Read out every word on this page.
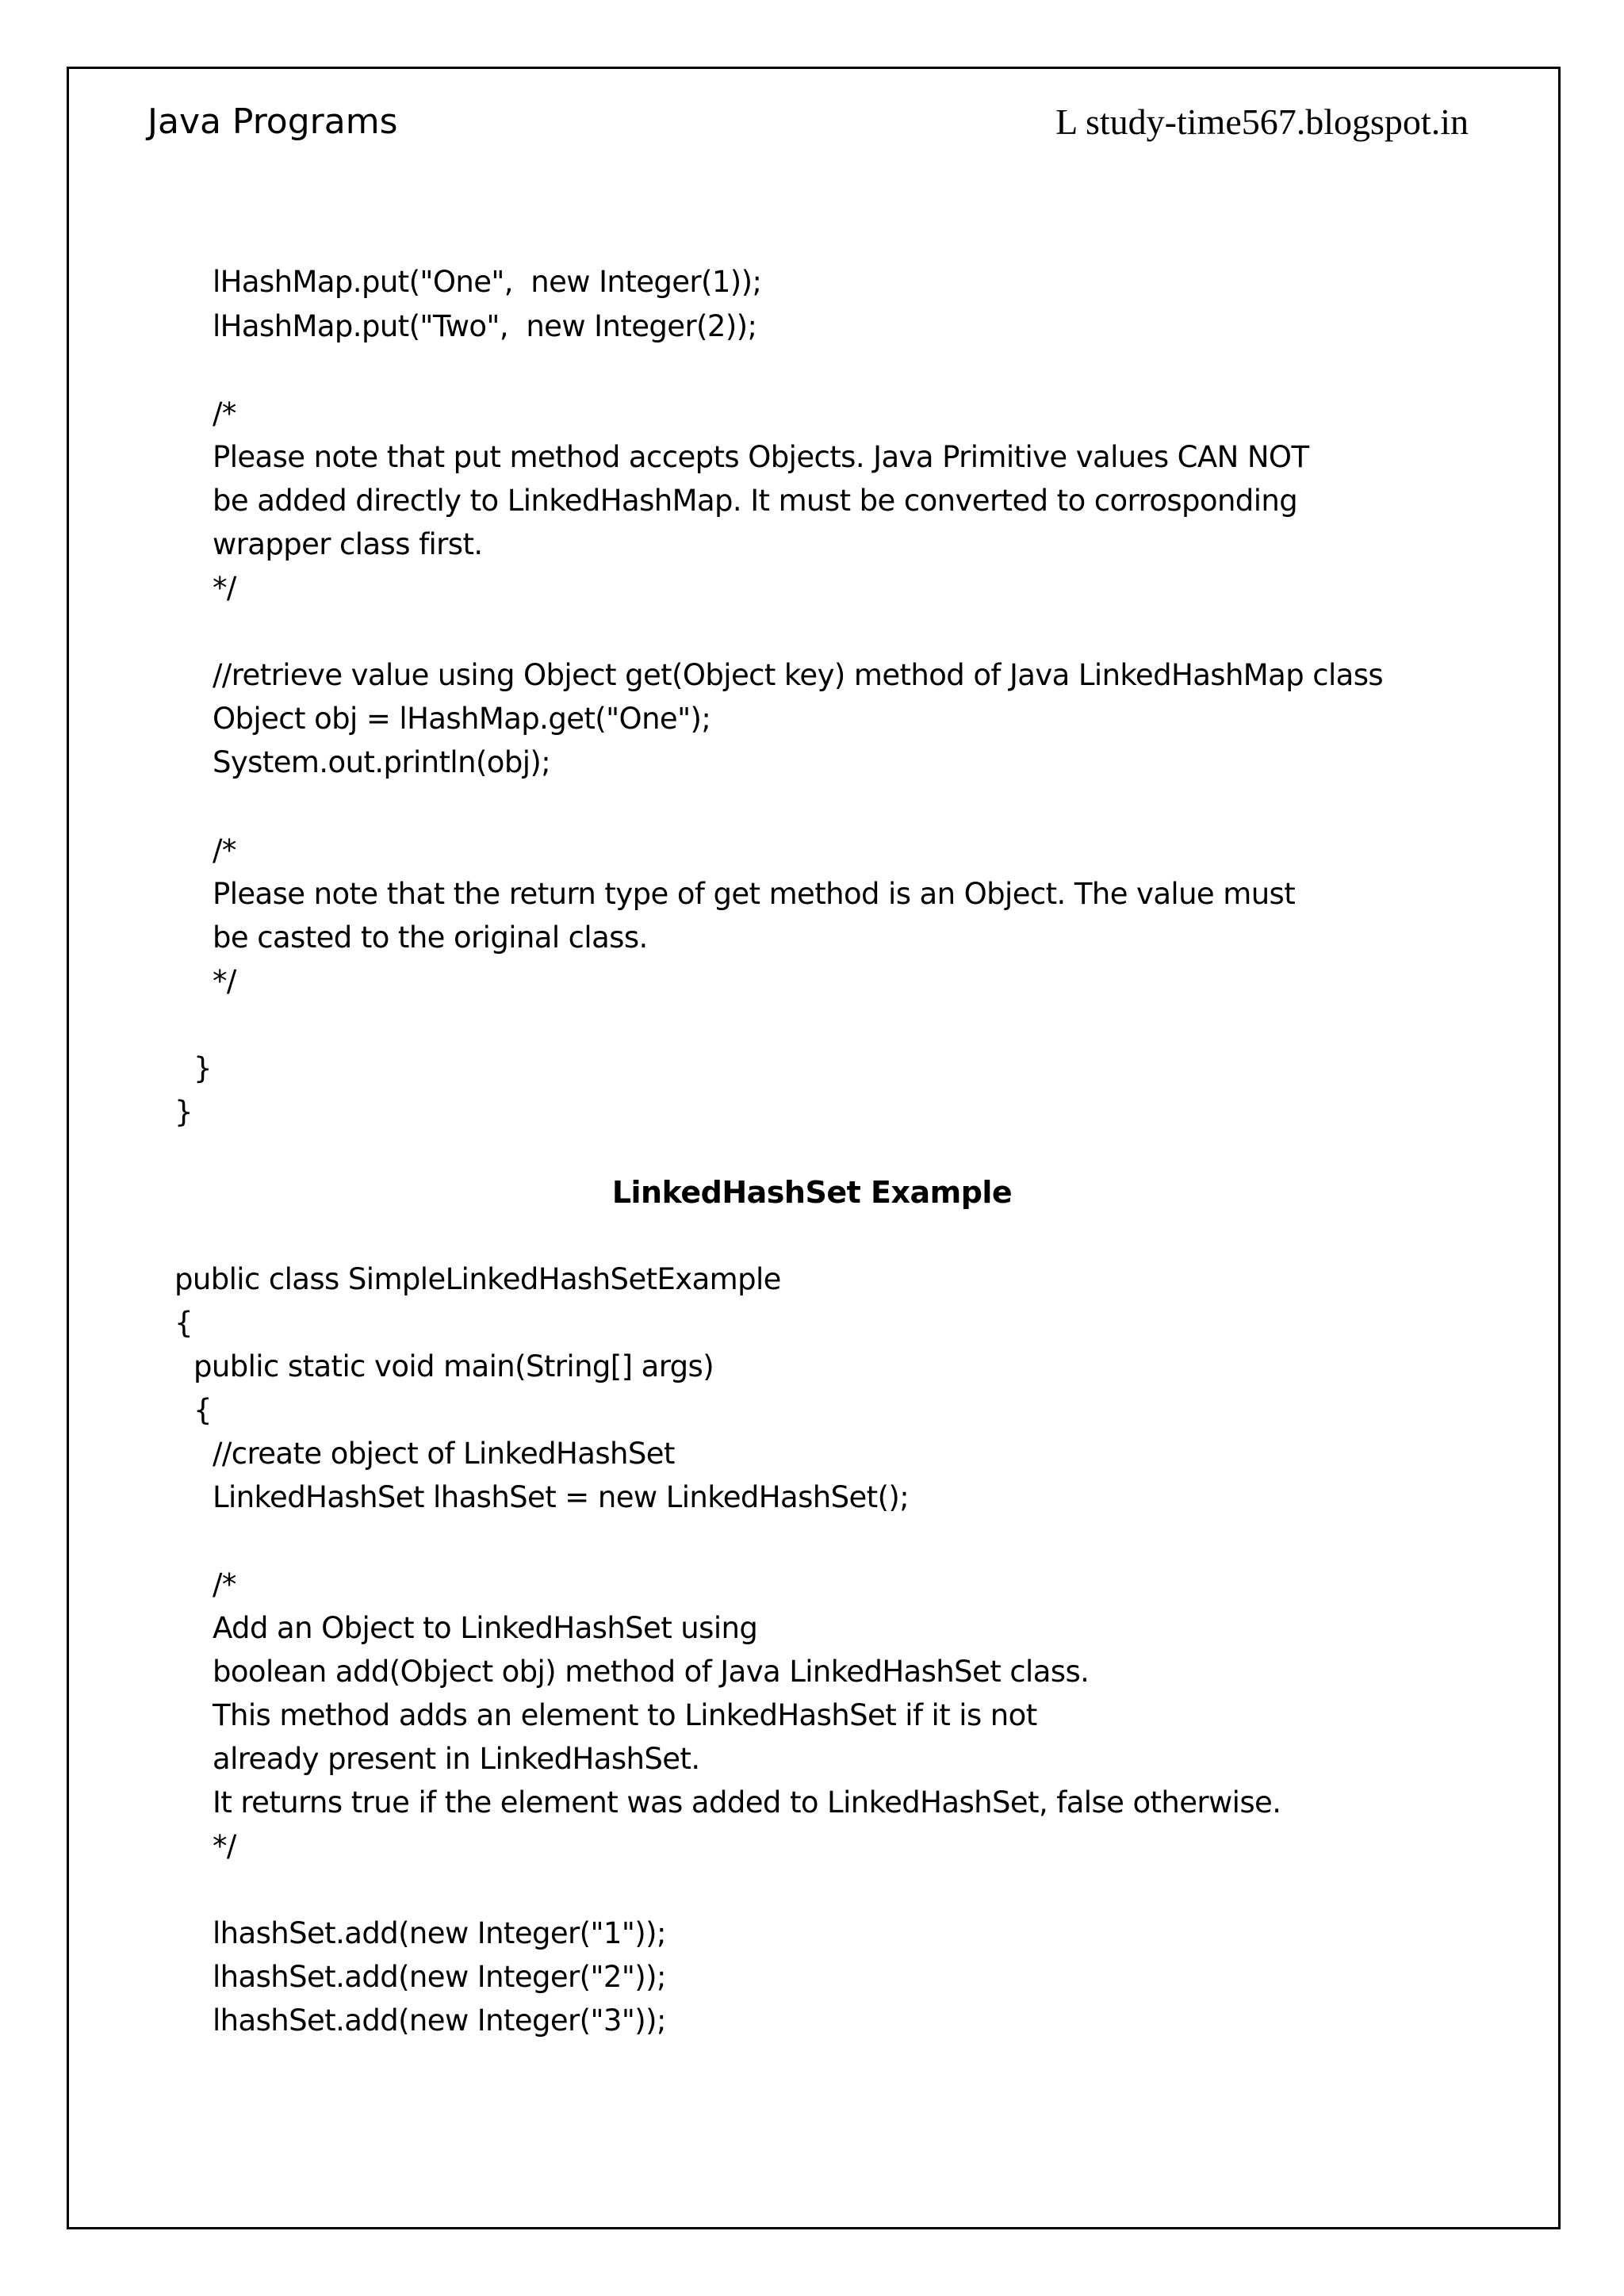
Java Programs	L study-time567.blogspot.in
lHashMap.put("One",  new Integer(1));
lHashMap.put("Two",  new Integer(2));
/*
Please note that put method accepts Objects. Java Primitive values CAN NOT
be added directly to LinkedHashMap. It must be converted to corrosponding
wrapper class first.
*/
//retrieve value using Object get(Object key) method of Java LinkedHashMap class
Object obj = lHashMap.get("One");
System.out.println(obj);
/*
Please note that the return type of get method is an Object. The value must
be casted to the original class.
*/
}
}
LinkedHashSet Example
public class SimpleLinkedHashSetExample
{
public static void main(String[] args)
{
//create object of LinkedHashSet
LinkedHashSet lhashSet = new LinkedHashSet();
/*
Add an Object to LinkedHashSet using
boolean add(Object obj) method of Java LinkedHashSet class.
This method adds an element to LinkedHashSet if it is not
already present in LinkedHashSet.
It returns true if the element was added to LinkedHashSet, false otherwise.
*/
lhashSet.add(new Integer("1"));
lhashSet.add(new Integer("2"));
lhashSet.add(new Integer("3"));
